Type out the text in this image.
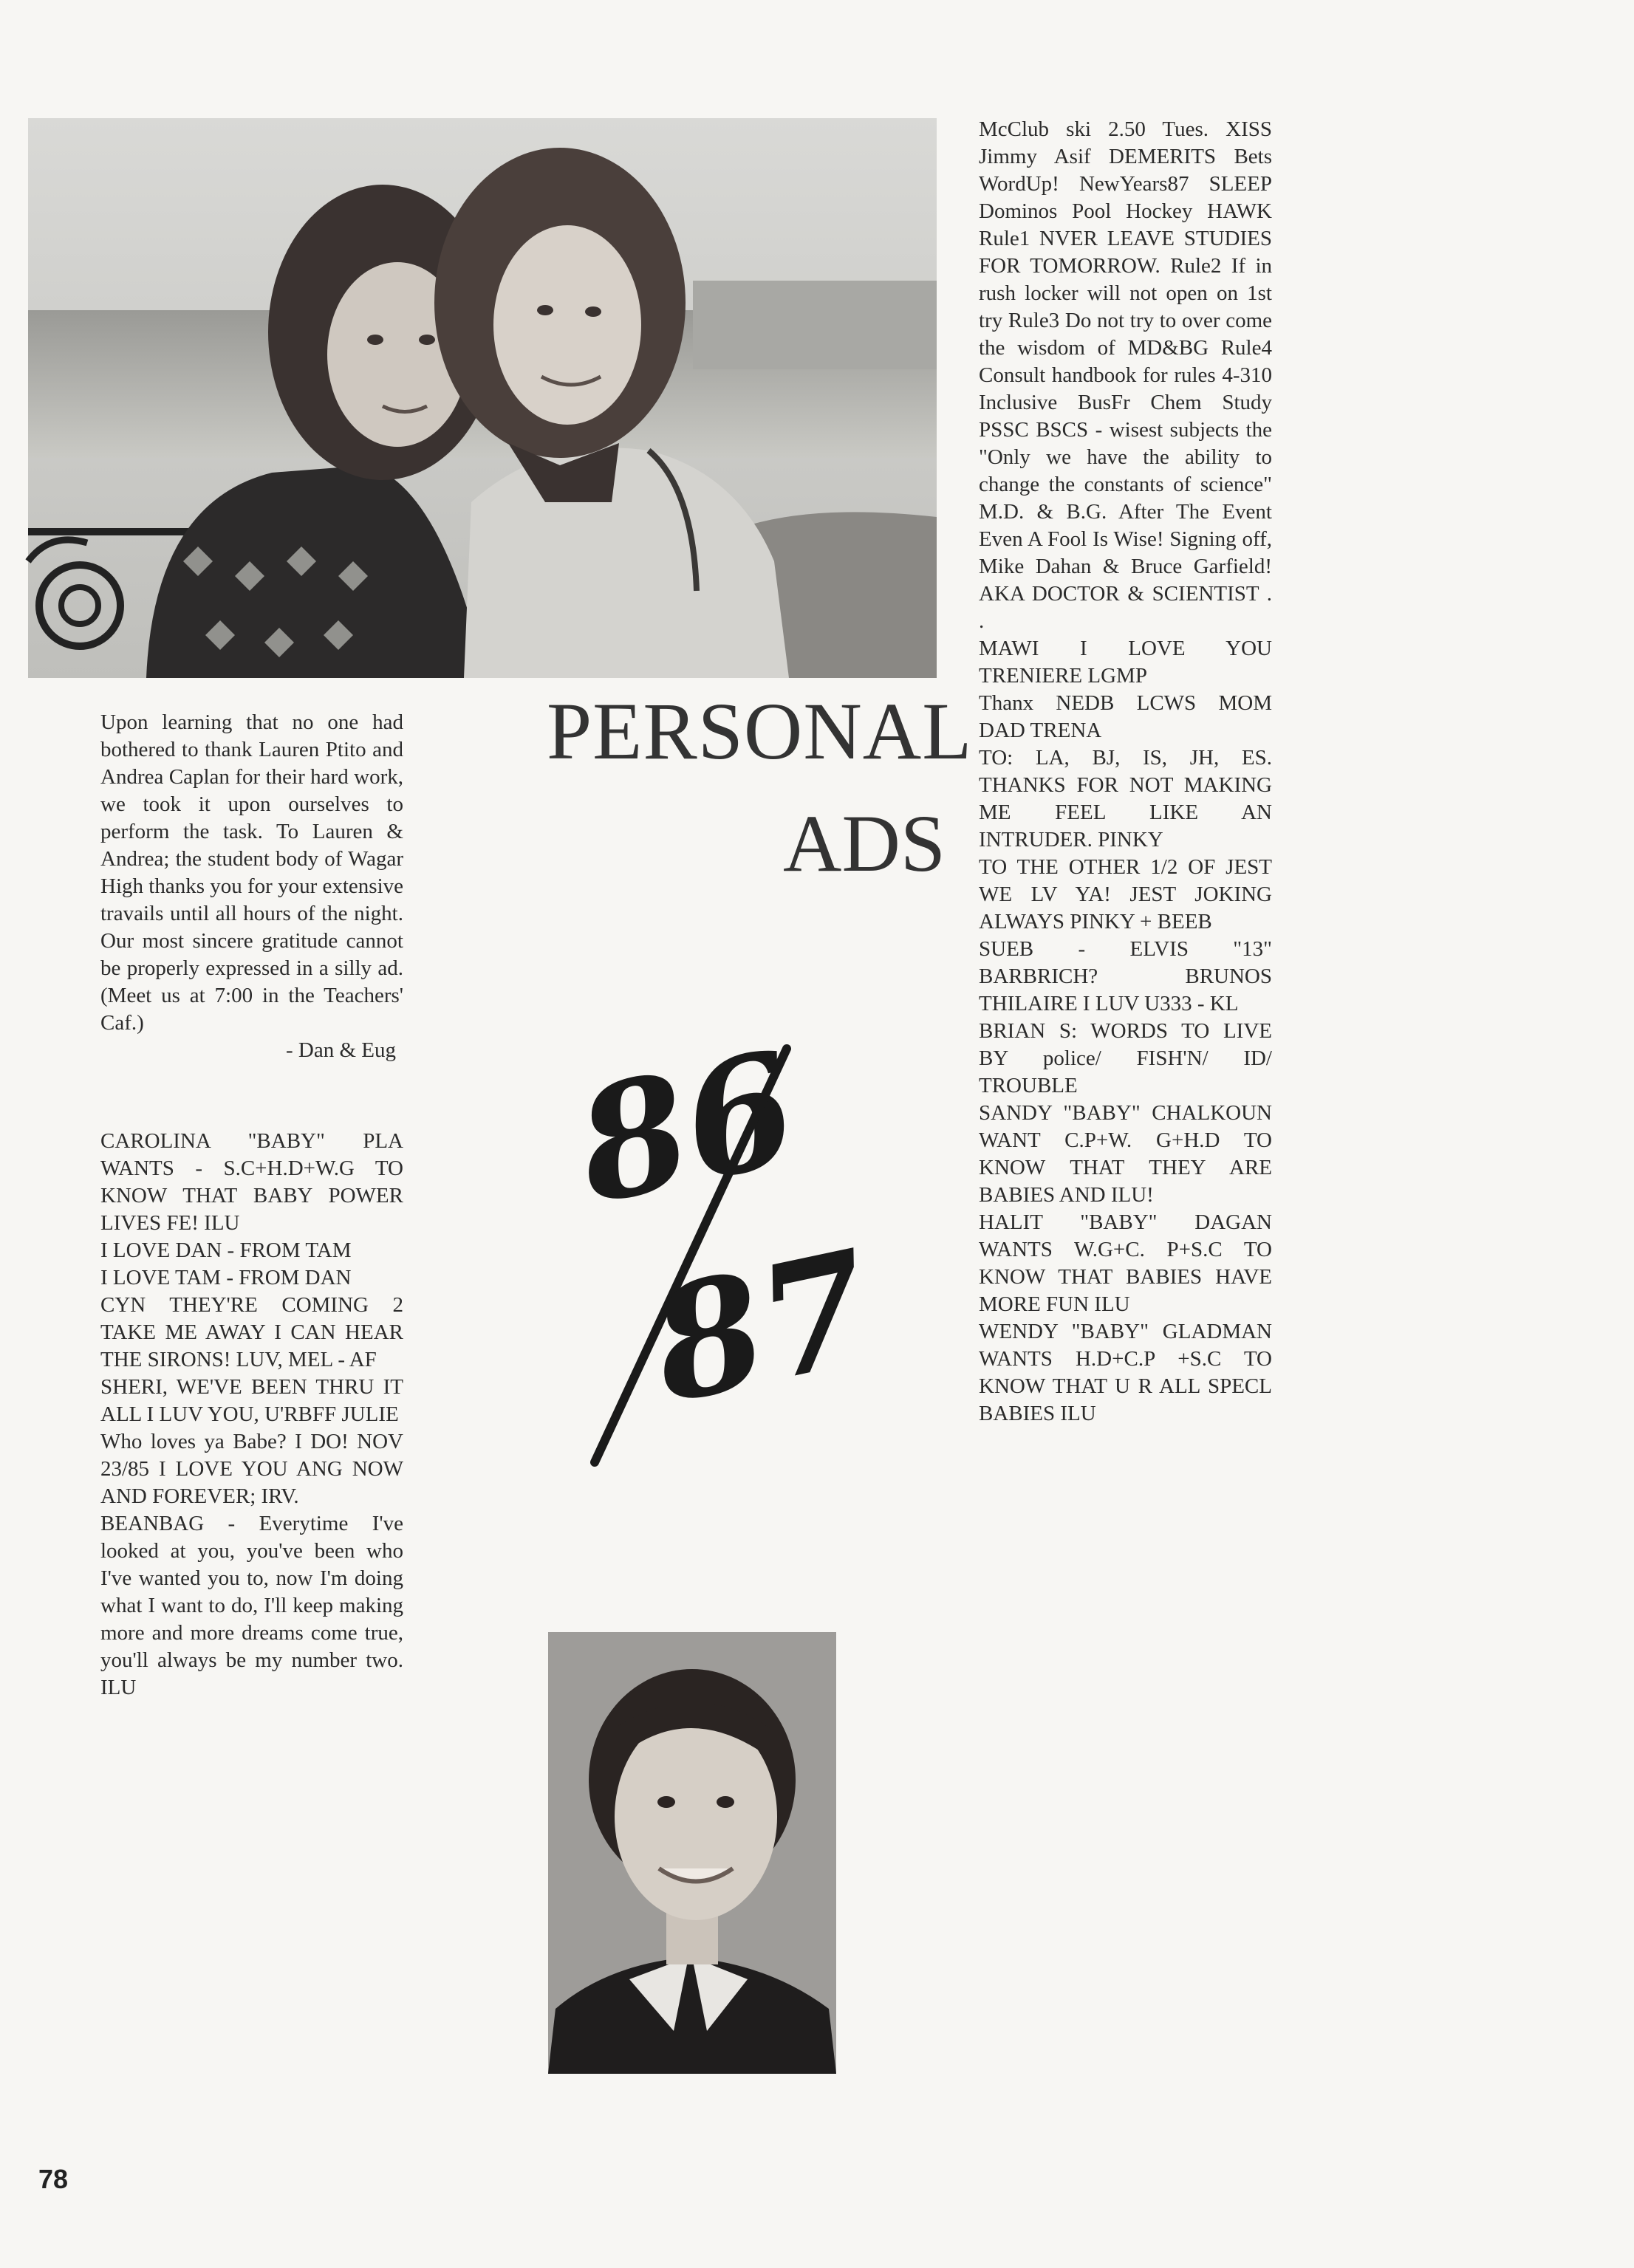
Upon learning that no one had bothered to thank Lauren Ptito and Andrea Caplan for their hard work, we took it upon ourselves to perform the task. To Lauren & Andrea; the student body of Wagar High thanks you for your extensive travails until all hours of the night. Our most sincere gratitude cannot be properly expressed in a silly ad. (Meet us at 7:00 in the Teachers' Caf.)

- Dan & Eug

CAROLINA "BABY" PLA WANTS - S.C+H.D+W.G TO KNOW THAT BABY POWER LIVES FE! ILU

I LOVE DAN - FROM TAM

I LOVE TAM - FROM DAN

CYN THEY'RE COMING 2 TAKE ME AWAY I CAN HEAR THE SIRONS! LUV, MEL - AF

SHERI, WE'VE BEEN THRU IT ALL I LUV YOU, U'RBFF JULIE

Who loves ya Babe? I DO! NOV 23/85 I LOVE YOU ANG NOW AND FOREVER; IRV.

BEANBAG - Everytime I've looked at you, you've been who I've wanted you to, now I'm doing what I want to do, I'll keep making more and more dreams come true, you'll always be my number two. ILU

PERSONAL
ADS
86
87

McClub ski 2.50 Tues. XISS Jimmy Asif DEMERITS Bets WordUp! NewYears87 SLEEP Dominos Pool Hockey HAWK Rule1 NVER LEAVE STUDIES FOR TOMORROW. Rule2 If in rush locker will not open on 1st try Rule3 Do not try to over come the wisdom of MD&BG Rule4 Consult handbook for rules 4-310 Inclusive BusFr Chem Study PSSC BSCS - wisest subjects the "Only we have the ability to change the constants of science" M.D. & B.G. After The Event Even A Fool Is Wise! Signing off, Mike Dahan & Bruce Garfield! AKA DOCTOR & SCIENTIST . .

MAWI I LOVE YOU TRENIERE LGMP

Thanx NEDB LCWS MOM DAD TRENA

TO: LA, BJ, IS, JH, ES. THANKS FOR NOT MAKING ME FEEL LIKE AN INTRUDER. PINKY

TO THE OTHER 1/2 OF JEST WE LV YA! JEST JOKING ALWAYS PINKY + BEEB

SUEB - ELVIS "13" BARBRICH? BRUNOS THILAIRE I LUV U333 - KL

BRIAN S: WORDS TO LIVE BY police/ FISH'N/ ID/ TROUBLE

SANDY "BABY" CHALKOUN WANT C.P+W. G+H.D TO KNOW THAT THEY ARE BABIES AND ILU!

HALIT "BABY" DAGAN WANTS W.G+C. P+S.C TO KNOW THAT BABIES HAVE MORE FUN ILU

WENDY "BABY" GLADMAN WANTS H.D+C.P +S.C TO KNOW THAT U R ALL SPECL BABIES ILU

78
